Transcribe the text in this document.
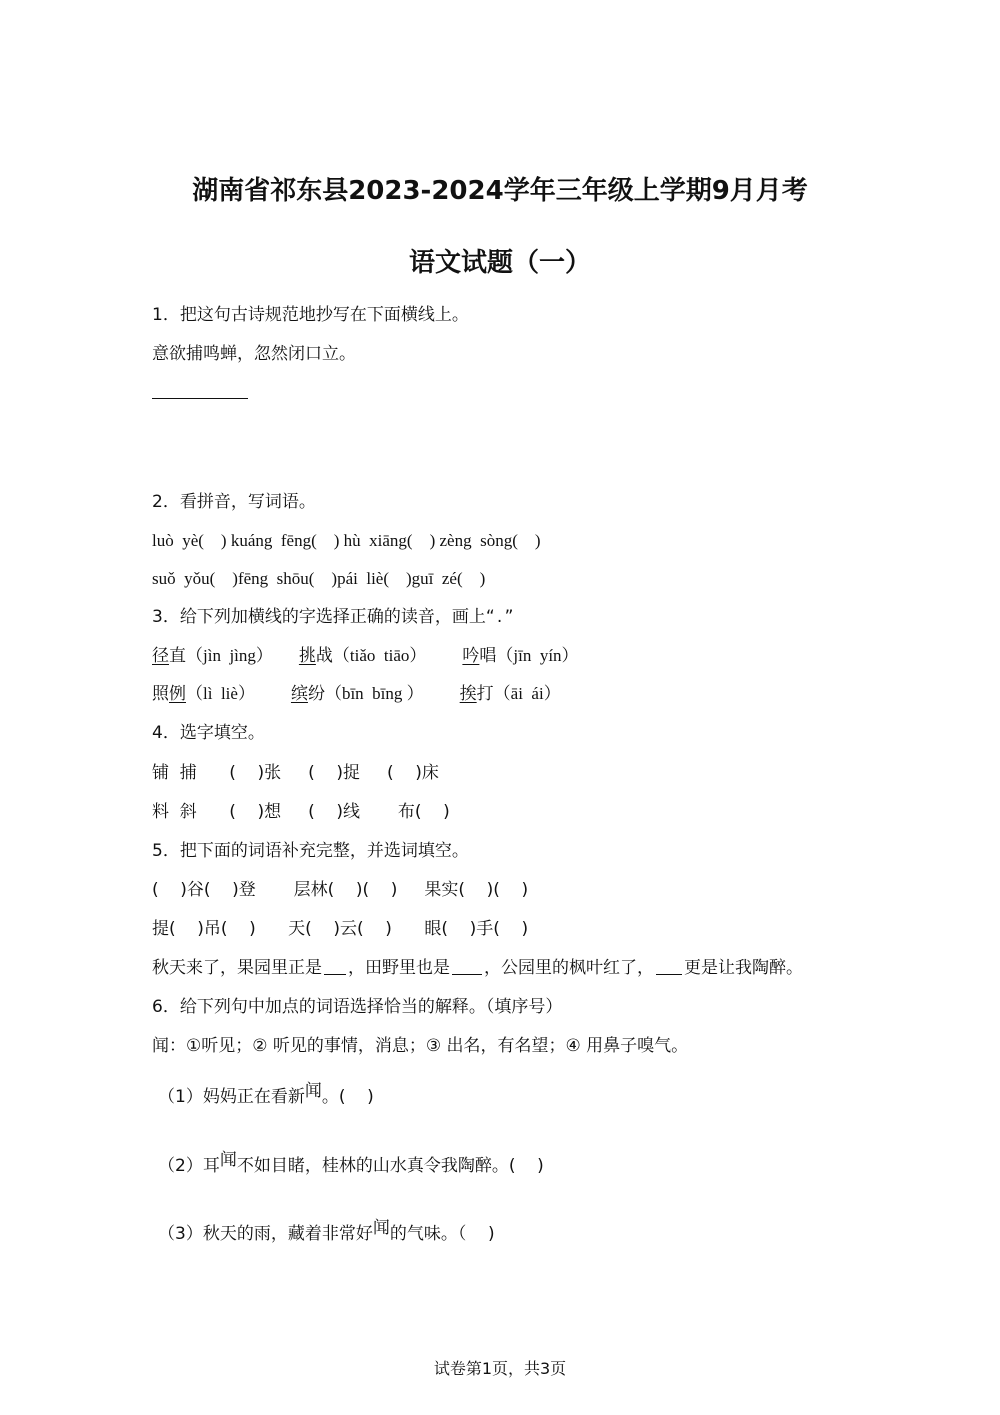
湖南省祁东县2023-2024学年三年级上学期9月月考
语文试题（一）
1．把这句古诗规范地抄写在下面横线上。
意欲捕鸣蝉，忽然闭口立。
2．看拼音，写词语。
luò  yè(    ) kuáng  fēng(    ) hù  xiāng(    ) zèng  sòng(    )
suǒ  yǒu(    )fēng  shōu(    )pái  liè(    )guī  zé(    )
3．给下列加横线的字选择正确的读音，画上“ . ”
径直（jìn  jìng） 挑战（tiǎo  tiāo） 吟唱（jīn  yín）
照例（lì  liè） 缤纷（bīn  bīng ） 挨打（āi  ái）
4．选字填空。
铺  捕      (    )张     (    )捉     (    )床
料  斜      (    )想     (    )线       布(    )
5．把下面的词语补充完整，并选词填空。
(    )谷(    )登       层林(    )(    )     果实(    )(    )
提(    )吊(    )      天(    )云(    )      眼(    )手(    )
秋天来了，果园里正是 ，田野里也是 ，公园里的枫叶红了， 更是让我陶醉。
6．给下列句中加点的词语选择恰当的解释。（填序号）
闻：①听见；② 听见的事情，消息；③ 出名，有名望；④ 用鼻子嗅气。
（1）妈妈正在看新闻。(    )
（2）耳闻不如目睹，桂林的山水真令我陶醉。(    )
（3）秋天的雨，藏着非常好闻的气味。（    )
试卷第1页，共3页
